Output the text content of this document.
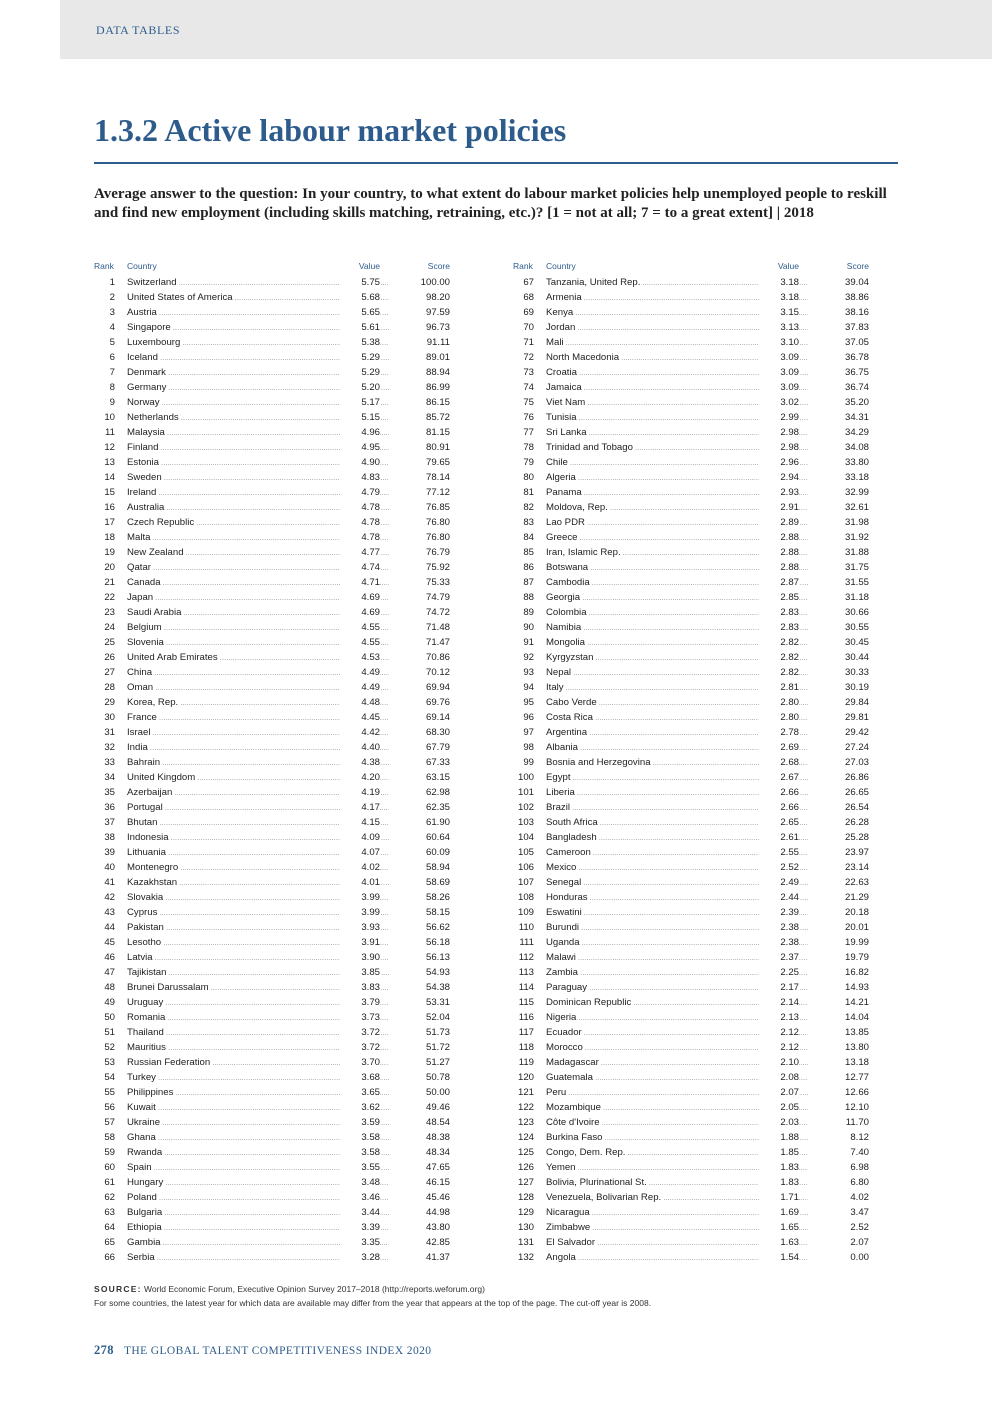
DATA TABLES
1.3.2 Active labour market policies

Average answer to the question: In your country, to what extent do labour market policies help unemployed people to reskill and find new employment (including skills matching, retraining, etc.)? [1 = not at all; 7 = to a great extent] | 2018

Rank Country	Value	Score
1 Switzerland .....	5.75	100.00
2 United States of America .....	5.68	98.20
3 Austria .....	5.65	97.59
4 Singapore .....	5.61	96.73
5 Luxembourg .....	5.38	91.11
6 Iceland .....	5.29	89.01
7 Denmark .....	5.29	88.94
8 Germany .....	5.20	86.99
9 Norway .....	5.17	86.15
10 Netherlands .....	5.15	85.72
11 Malaysia .....	4.96	81.15
12 Finland .....	4.95	80.91
13 Estonia .....	4.90	79.65
14 Sweden .....	4.83	78.14
15 Ireland .....	4.79	77.12
16 Australia .....	4.78	76.85
17 Czech Republic .....	4.78	76.80
18 Malta .....	4.78	76.80
19 New Zealand .....	4.77	76.79
20 Qatar .....	4.74	75.92
21 Canada .....	4.71	75.33
22 Japan .....	4.69	74.79
23 Saudi Arabia .....	4.69	74.72
24 Belgium .....	4.55	71.48
25 Slovenia .....	4.55	71.47
26 United Arab Emirates .....	4.53	70.86
27 China .....	4.49	70.12
28 Oman .....	4.49	69.94
29 Korea, Rep. .....	4.48	69.76
30 France .....	4.45	69.14
31 Israel .....	4.42	68.30
32 India .....	4.40	67.79
33 Bahrain .....	4.38	67.33
34 United Kingdom .....	4.20	63.15
35 Azerbaijan .....	4.19	62.98
36 Portugal .....	4.17	62.35
37 Bhutan .....	4.15	61.90
38 Indonesia .....	4.09	60.64
39 Lithuania .....	4.07	60.09
40 Montenegro .....	4.02	58.94
41 Kazakhstan .....	4.01	58.69
42 Slovakia .....	3.99	58.26
43 Cyprus .....	3.99	58.15
44 Pakistan .....	3.93	56.62
45 Lesotho .....	3.91	56.18
46 Latvia .....	3.90	56.13
47 Tajikistan .....	3.85	54.93
48 Brunei Darussalam .....	3.83	54.38
49 Uruguay .....	3.79	53.31
50 Romania .....	3.73	52.04
51 Thailand .....	3.72	51.73
52 Mauritius .....	3.72	51.72
53 Russian Federation .....	3.70	51.27
54 Turkey .....	3.68	50.78
55 Philippines .....	3.65	50.00
56 Kuwait .....	3.62	49.46
57 Ukraine .....	3.59	48.54
58 Ghana .....	3.58	48.38
59 Rwanda .....	3.58	48.34
60 Spain .....	3.55	47.65
61 Hungary .....	3.48	46.15
62 Poland .....	3.46	45.46
63 Bulgaria .....	3.44	44.98
64 Ethiopia .....	3.39	43.80
65 Gambia .....	3.35	42.85
66 Serbia .....	3.28	41.37
Rank Country	Value	Score
67 Tanzania, United Rep. .....	3.18	39.04
68 Armenia .....	3.18	38.86
69 Kenya .....	3.15	38.16
70 Jordan .....	3.13	37.83
71 Mali .....	3.10	37.05
72 North Macedonia .....	3.09	36.78
73 Croatia .....	3.09	36.75
74 Jamaica .....	3.09	36.74
75 Viet Nam .....	3.02	35.20
76 Tunisia .....	2.99	34.31
77 Sri Lanka .....	2.98	34.29
78 Trinidad and Tobago .....	2.98	34.08
79 Chile .....	2.96	33.80
80 Algeria .....	2.94	33.18
81 Panama .....	2.93	32.99
82 Moldova, Rep. .....	2.91	32.61
83 Lao PDR .....	2.89	31.98
84 Greece .....	2.88	31.92
85 Iran, Islamic Rep. .....	2.88	31.88
86 Botswana .....	2.88	31.75
87 Cambodia .....	2.87	31.55
88 Georgia .....	2.85	31.18
89 Colombia .....	2.83	30.66
90 Namibia .....	2.83	30.55
91 Mongolia .....	2.82	30.45
92 Kyrgyzstan .....	2.82	30.44
93 Nepal .....	2.82	30.33
94 Italy .....	2.81	30.19
95 Cabo Verde .....	2.80	29.84
96 Costa Rica .....	2.80	29.81
97 Argentina .....	2.78	29.42
98 Albania .....	2.69	27.24
99 Bosnia and Herzegovina .....	2.68	27.03
100 Egypt .....	2.67	26.86
101 Liberia .....	2.66	26.65
102 Brazil .....	2.66	26.54
103 South Africa .....	2.65	26.28
104 Bangladesh .....	2.61	25.28
105 Cameroon .....	2.55	23.97
106 Mexico .....	2.52	23.14
107 Senegal .....	2.49	22.63
108 Honduras .....	2.44	21.29
109 Eswatini .....	2.39	20.18
110 Burundi .....	2.38	20.01
111 Uganda .....	2.38	19.99
112 Malawi .....	2.37	19.79
113 Zambia .....	2.25	16.82
114 Paraguay .....	2.17	14.93
115 Dominican Republic .....	2.14	14.21
116 Nigeria .....	2.13	14.04
117 Ecuador .....	2.12	13.85
118 Morocco .....	2.12	13.80
119 Madagascar .....	2.10	13.18
120 Guatemala .....	2.08	12.77
121 Peru .....	2.07	12.66
122 Mozambique .....	2.05	12.10
123 Côte d'Ivoire .....	2.03	11.70
124 Burkina Faso .....	1.88	8.12
125 Congo, Dem. Rep. .....	1.85	7.40
126 Yemen .....	1.83	6.98
127 Bolivia, Plurinational St. .....	1.83	6.80
128 Venezuela, Bolivarian Rep. .....	1.71	4.02
129 Nicaragua .....	1.69	3.47
130 Zimbabwe .....	1.65	2.52
131 El Salvador .....	1.63	2.07
132 Angola .....	1.54	0.00
SOURCE: World Economic Forum, Executive Opinion Survey 2017–2018 (http://reports.weforum.org)
For some countries, the latest year for which data are available may differ from the year that appears at the top of the page. The cut-off year is 2008.
278 THE GLOBAL TALENT COMPETITIVENESS INDEX 2020
